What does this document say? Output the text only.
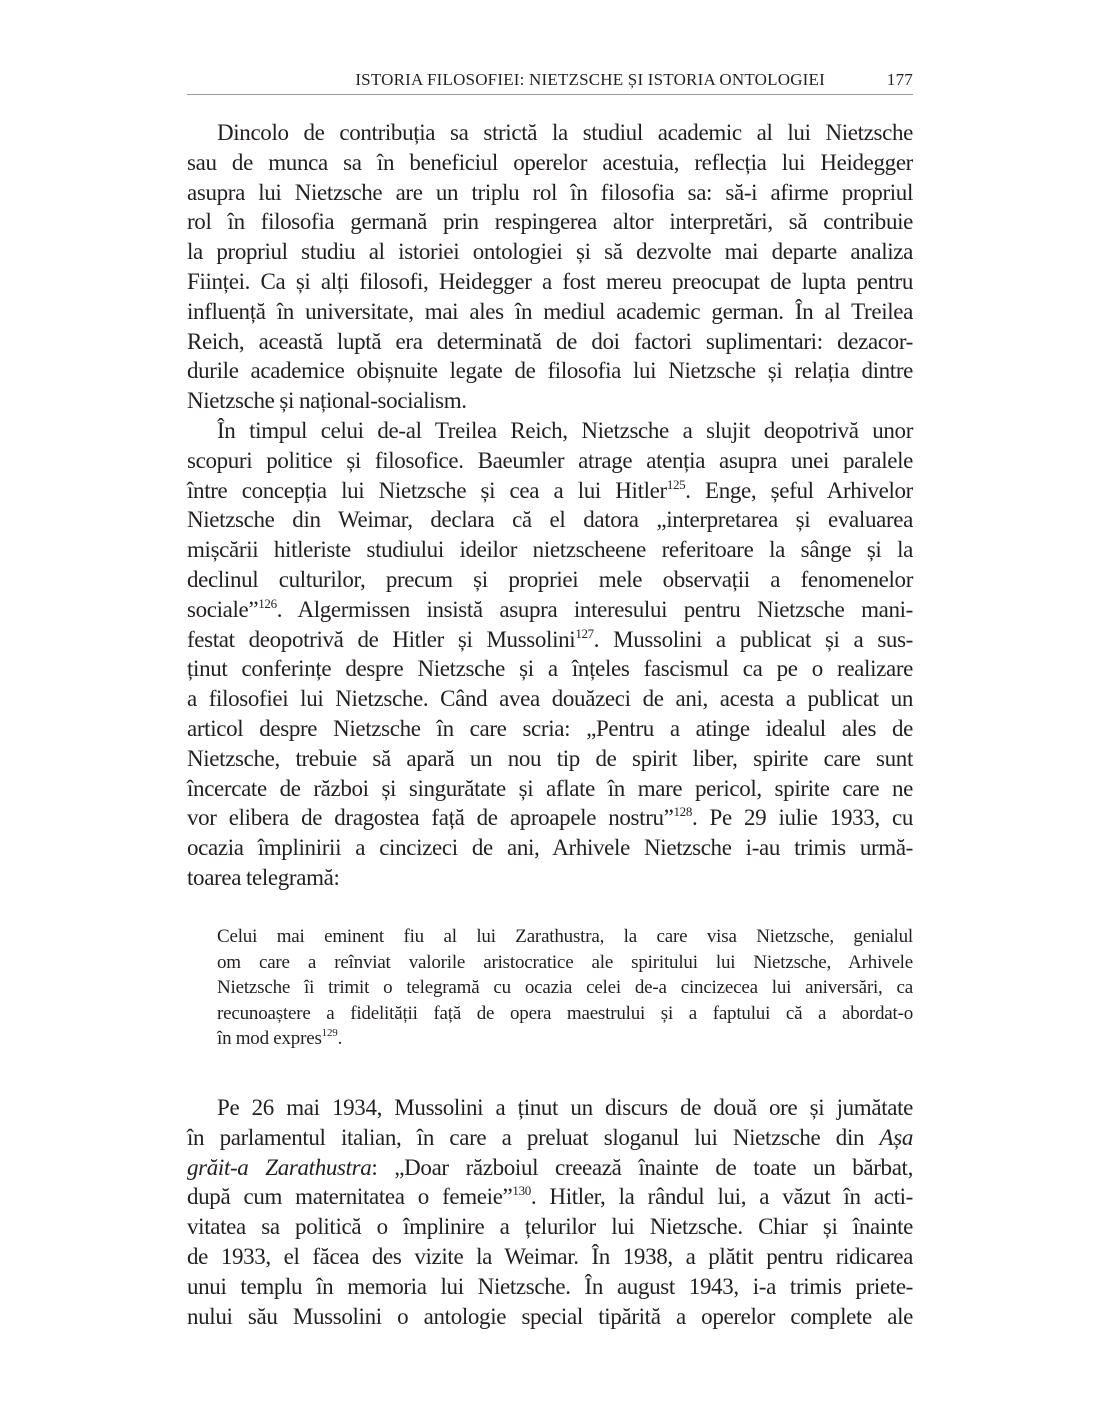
ISTORIA FILOSOFIEI: NIETZSCHE ȘI ISTORIA ONTOLOGIEI	177
Dincolo de contribuția sa strictă la studiul academic al lui Nietzsche
sau de munca sa în beneficiul operelor acestuia, reflecția lui Heidegger
asupra lui Nietzsche are un triplu rol în filosofia sa: să-i afirme propriul
rol în filosofia germană prin respingerea altor interpretări, să contribuie
la propriul studiu al istoriei ontologiei și să dezvolte mai departe analiza
Ființei. Ca și alți filosofi, Heidegger a fost mereu preocupat de lupta pentru
influență în universitate, mai ales în mediul academic german. În al Treilea
Reich, această luptă era determinată de doi factori suplimentari: dezacor-
durile academice obișnuite legate de filosofia lui Nietzsche și relația dintre
Nietzsche și național-socialism.
În timpul celui de-al Treilea Reich, Nietzsche a slujit deopotrivă unor
scopuri politice și filosofice. Baeumler atrage atenția asupra unei paralele
între concepția lui Nietzsche și cea a lui Hitler$^{125}$. Enge, șeful Arhivelor
Nietzsche din Weimar, declara că el datora „interpretarea și evaluarea
mișcării hitleriste studiului ideilor nietzscheene referitoare la sânge și la
declinul culturilor, precum și propriei mele observații a fenomenelor
sociale”$^{126}$. Algermissen insistă asupra interesului pentru Nietzsche mani-
festat deopotrivă de Hitler și Mussolini$^{127}$. Mussolini a publicat și a sus-
ținut conferințe despre Nietzsche și a înțeles fascismul ca pe o realizare
a filosofiei lui Nietzsche. Când avea douăzeci de ani, acesta a publicat un
articol despre Nietzsche în care scria: „Pentru a atinge idealul ales de
Nietzsche, trebuie să apară un nou tip de spirit liber, spirite care sunt
încercate de război și singurătate și aflate în mare pericol, spirite care ne
vor elibera de dragostea față de aproapele nostru”$^{128}$. Pe 29 iulie 1933, cu
ocazia împlinirii a cincizeci de ani, Arhivele Nietzsche i-au trimis urmă-
toarea telegramă:
Celui mai eminent fiu al lui Zarathustra, la care visa Nietzsche, genialul
om care a reînviat valorile aristocratice ale spiritului lui Nietzsche, Arhivele
Nietzsche îi trimit o telegramă cu ocazia celei de-a cincizecea lui aniversări, ca
recunoaștere a fidelității față de opera maestrului și a faptului că a abordat-o
în mod expres$^{129}$.
Pe 26 mai 1934, Mussolini a ținut un discurs de două ore și jumătate
în parlamentul italian, în care a preluat sloganul lui Nietzsche din Așa
grăit-a Zarathustra: „Doar războiul creează înainte de toate un bărbat,
după cum maternitatea o femeie”$^{130}$. Hitler, la rândul lui, a văzut în acti-
vitatea sa politică o împlinire a țelurilor lui Nietzsche. Chiar și înainte
de 1933, el făcea des vizite la Weimar. În 1938, a plătit pentru ridicarea
unui templu în memoria lui Nietzsche. În august 1943, i-a trimis priete-
nului său Mussolini o antologie special tipărită a operelor complete ale
